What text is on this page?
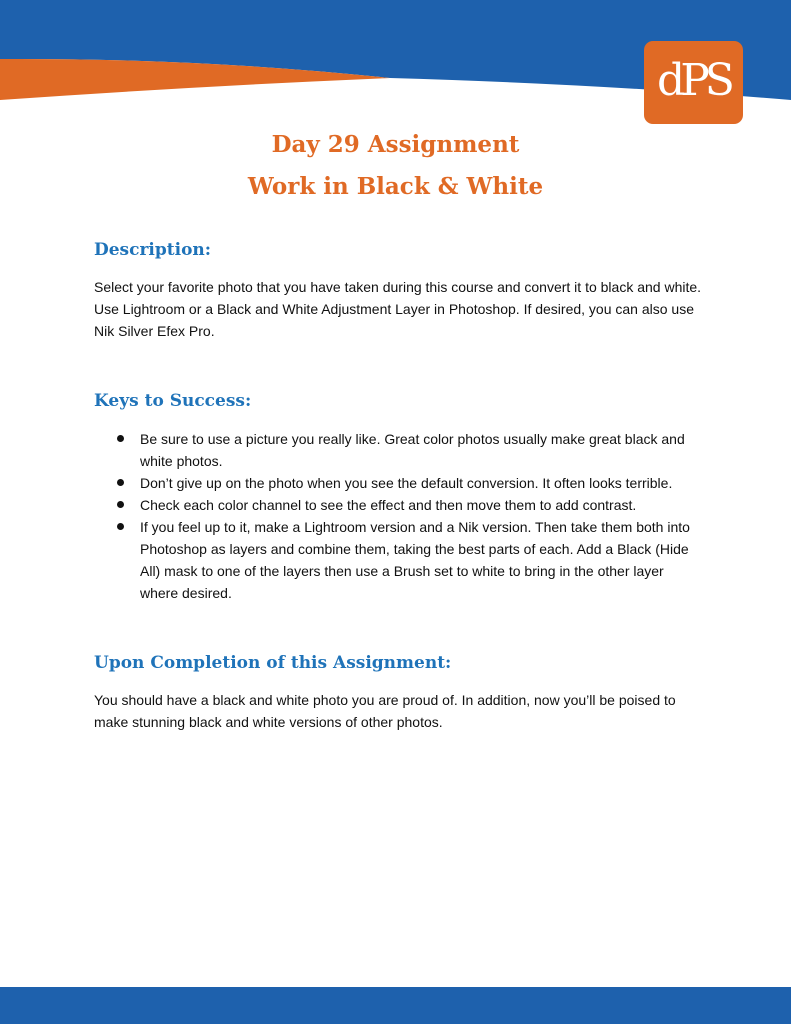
dPS
Day 29 Assignment
Work in Black & White
Description:

Select your favorite photo that you have taken during this course and convert it to black and white. Use Lightroom or a Black and White Adjustment Layer in Photoshop. If desired, you can also use Nik Silver Efex Pro.

Keys to Success:
Be sure to use a picture you really like. Great color photos usually make great black and white photos.
Don’t give up on the photo when you see the default conversion. It often looks terrible.
Check each color channel to see the effect and then move them to add contrast.
If you feel up to it, make a Lightroom version and a Nik version. Then take them both into Photoshop as layers and combine them, taking the best parts of each. Add a Black (Hide All) mask to one of the layers then use a Brush set to white to bring in the other layer where desired.
Upon Completion of this Assignment:

You should have a black and white photo you are proud of. In addition, now you’ll be poised to make stunning black and white versions of other photos.
